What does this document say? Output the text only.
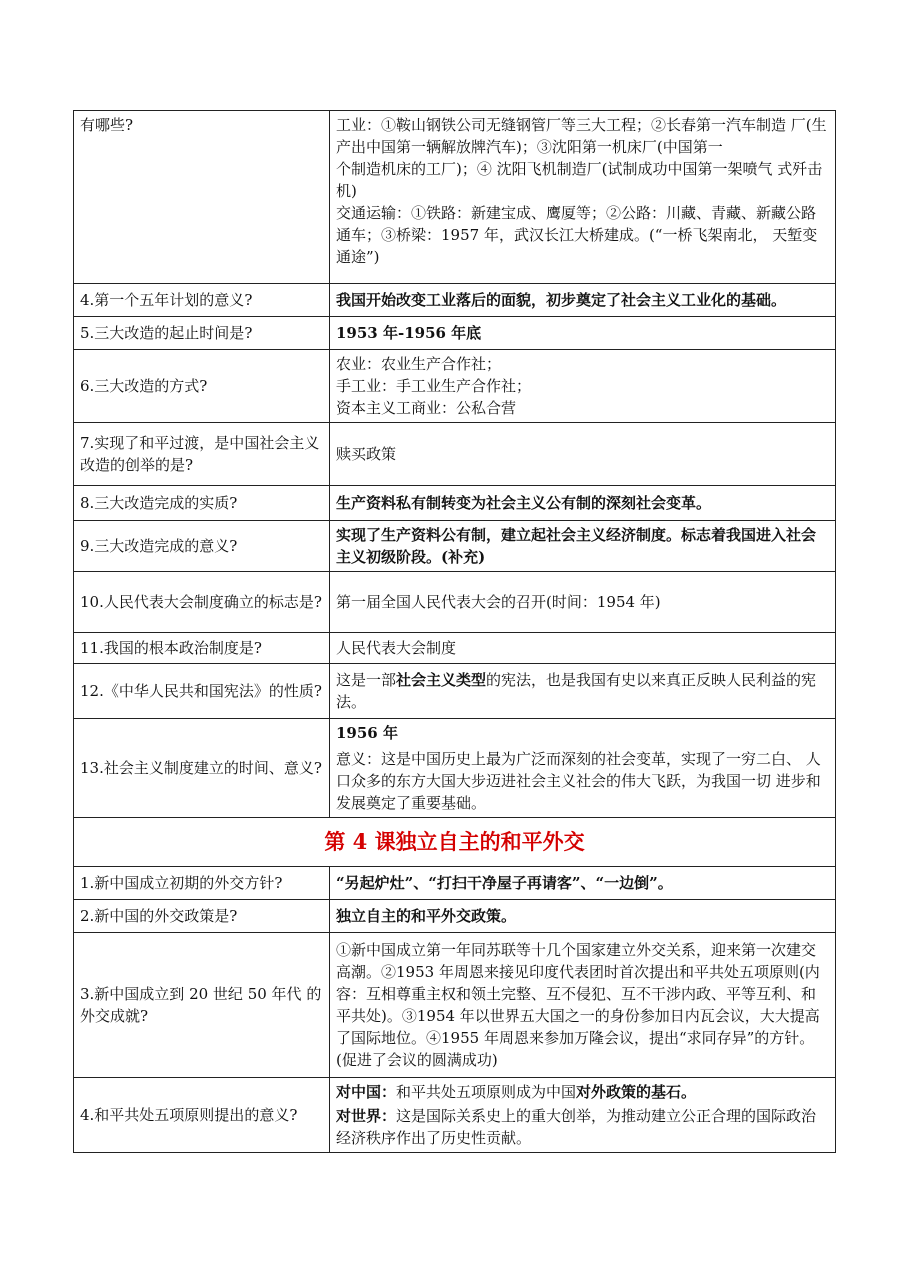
有哪些?	工业：①鞍山钢铁公司无缝钢管厂等三大工程；②长春第一汽车制造 厂(生产出中国第一辆解放牌汽车)；③沈阳第一机床厂(中国第一
个制造机床的工厂)；④ 沈阳飞机制造厂(试制成功中国第一架喷气 式歼击机)
交通运输：①铁路：新建宝成、鹰厦等；②公路：川藏、青藏、新藏公路通车；③桥梁：1957 年，武汉长江大桥建成。(“一桥飞架南北， 天堑变通途”)

4.第一个五年计划的意义?	我国开始改变工业落后的面貌，初步奠定了社会主义工业化的基础。
5.三大改造的起止时间是?	1953 年-1956 年底
6.三大改造的方式?	农业：农业生产合作社；
手工业：手工业生产合作社；
资本主义工商业：公私合营

7.实现了和平过渡，是中国社会主义改造的创举的是?	赎买政策
8.三大改造完成的实质?	生产资料私有制转变为社会主义公有制的深刻社会变革。
9.三大改造完成的意义?	实现了生产资料公有制，建立起社会主义经济制度。标志着我国进入社会主义初级阶段。(补充)
10.人民代表大会制度确立的标志是?	第一届全国人民代表大会的召开(时间：1954 年)
11.我国的根本政治制度是?	人民代表大会制度
12.《中华人民共和国宪法》的性质?	这是一部社会主义类型的宪法，也是我国有史以来真正反映人民利益的宪法。
13.社会主义制度建立的时间、意义?	1956 年
意义：这是中国历史上最为广泛而深刻的社会变革，实现了一穷二白、 人口众多的东方大国大步迈进社会主义社会的伟大飞跃，为我国一切 进步和发展奠定了重要基础。

第 4 课独立自主的和平外交	
1.新中国成立初期的外交方针?	“另起炉灶”、“打扫干净屋子再请客”、“一边倒”。
2.新中国的外交政策是?	独立自主的和平外交政策。
3.新中国成立到 20 世纪 50 年代 的外交成就?	①新中国成立第一年同苏联等十几个国家建立外交关系，迎来第一次建交高潮。②1953 年周恩来接见印度代表团时首次提出和平共处五项原则(内容：互相尊重主权和领土完整、互不侵犯、互不干涉内政、平等互利、和平共处)。③1954 年以世界五大国之一的身份参加日内瓦会议，大大提高了国际地位。④1955 年周恩来参加万隆会议，提出“求同存异”的方针。(促进了会议的圆满成功)
4.和平共处五项原则提出的意义?	对中国：和平共处五项原则成为中国对外政策的基石。
对世界：这是国际关系史上的重大创举，为推动建立公正合理的国际政治经济秩序作出了历史性贡献。
